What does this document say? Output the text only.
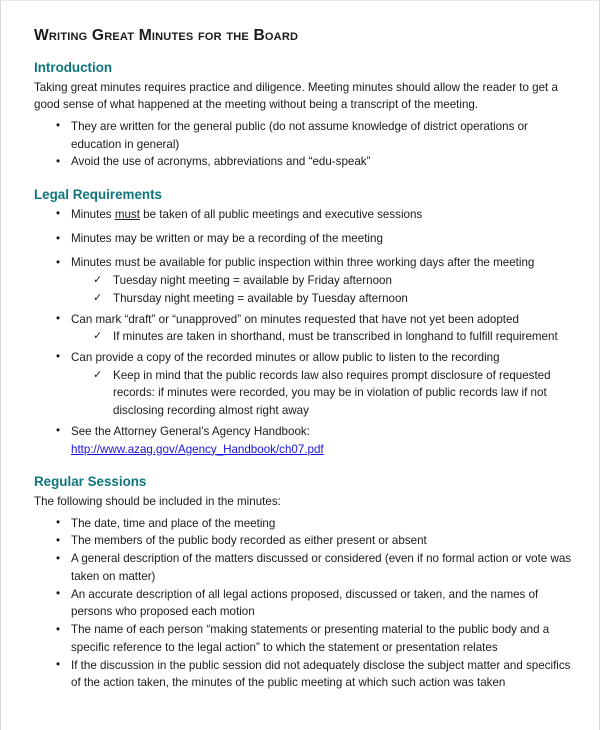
Writing Great Minutes for the Board
Introduction

Taking great minutes requires practice and diligence. Meeting minutes should allow the reader to get a good sense of what happened at the meeting without being a transcript of the meeting.

• They are written for the general public (do not assume knowledge of district operations or education in general)
• Avoid the use of acronyms, abbreviations and “edu-speak”
Legal Requirements
• Minutes must be taken of all public meetings and executive sessions
• Minutes may be written or may be a recording of the meeting
• Minutes must be available for public inspection within three working days after the meeting
✓ Tuesday night meeting = available by Friday afternoon
✓ Thursday night meeting = available by Tuesday afternoon
• Can mark “draft” or “unapproved” on minutes requested that have not yet been adopted
✓ If minutes are taken in shorthand, must be transcribed in longhand to fulfill requirement
• Can provide a copy of the recorded minutes or allow public to listen to the recording
✓ Keep in mind that the public records law also requires prompt disclosure of requested records: if minutes were recorded, you may be in violation of public records law if not disclosing recording almost right away
• See the Attorney General’s Agency Handbook:
http://www.azag.gov/Agency_Handbook/ch07.pdf
Regular Sessions

The following should be included in the minutes:

• The date, time and place of the meeting
• The members of the public body recorded as either present or absent
• A general description of the matters discussed or considered (even if no formal action or vote was taken on matter)
• An accurate description of all legal actions proposed, discussed or taken, and the names of persons who proposed each motion
• The name of each person “making statements or presenting material to the public body and a specific reference to the legal action” to which the statement or presentation relates
• If the discussion in the public session did not adequately disclose the subject matter and specifics of the action taken, the minutes of the public meeting at which such action was taken
